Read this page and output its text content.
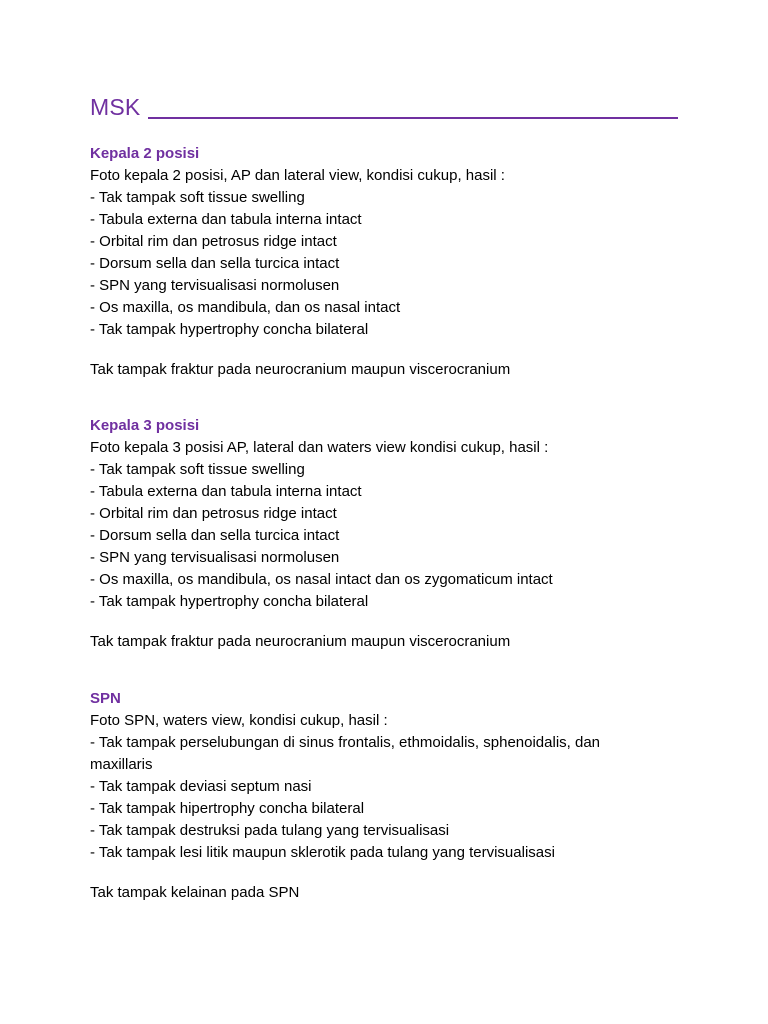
MSK
Kepala 2 posisi

Foto kepala 2 posisi, AP dan lateral view, kondisi cukup, hasil :

- Tak tampak soft tissue swelling
- Tabula externa dan tabula interna intact
- Orbital rim dan petrosus ridge intact
- Dorsum sella dan sella turcica intact
- SPN yang tervisualisasi normolusen
- Os maxilla, os mandibula, dan os nasal intact
- Tak tampak hypertrophy concha bilateral

Tak tampak fraktur pada neurocranium maupun viscerocranium

Kepala 3 posisi

Foto kepala 3 posisi AP, lateral dan waters view kondisi cukup, hasil :

- Tak tampak soft tissue swelling
- Tabula externa dan tabula interna intact
- Orbital rim dan petrosus ridge intact
- Dorsum sella dan sella turcica intact
- SPN yang tervisualisasi normolusen
- Os maxilla, os mandibula, os nasal intact dan os zygomaticum intact
- Tak tampak hypertrophy concha bilateral

Tak tampak fraktur pada neurocranium maupun viscerocranium

SPN

Foto SPN, waters view, kondisi cukup, hasil :

- Tak tampak perselubungan di sinus frontalis, ethmoidalis, sphenoidalis, dan maxillaris
- Tak tampak deviasi septum nasi
- Tak tampak hipertrophy concha bilateral
- Tak tampak destruksi pada tulang yang tervisualisasi
- Tak tampak lesi litik maupun sklerotik pada tulang yang tervisualisasi

Tak tampak kelainan pada SPN
